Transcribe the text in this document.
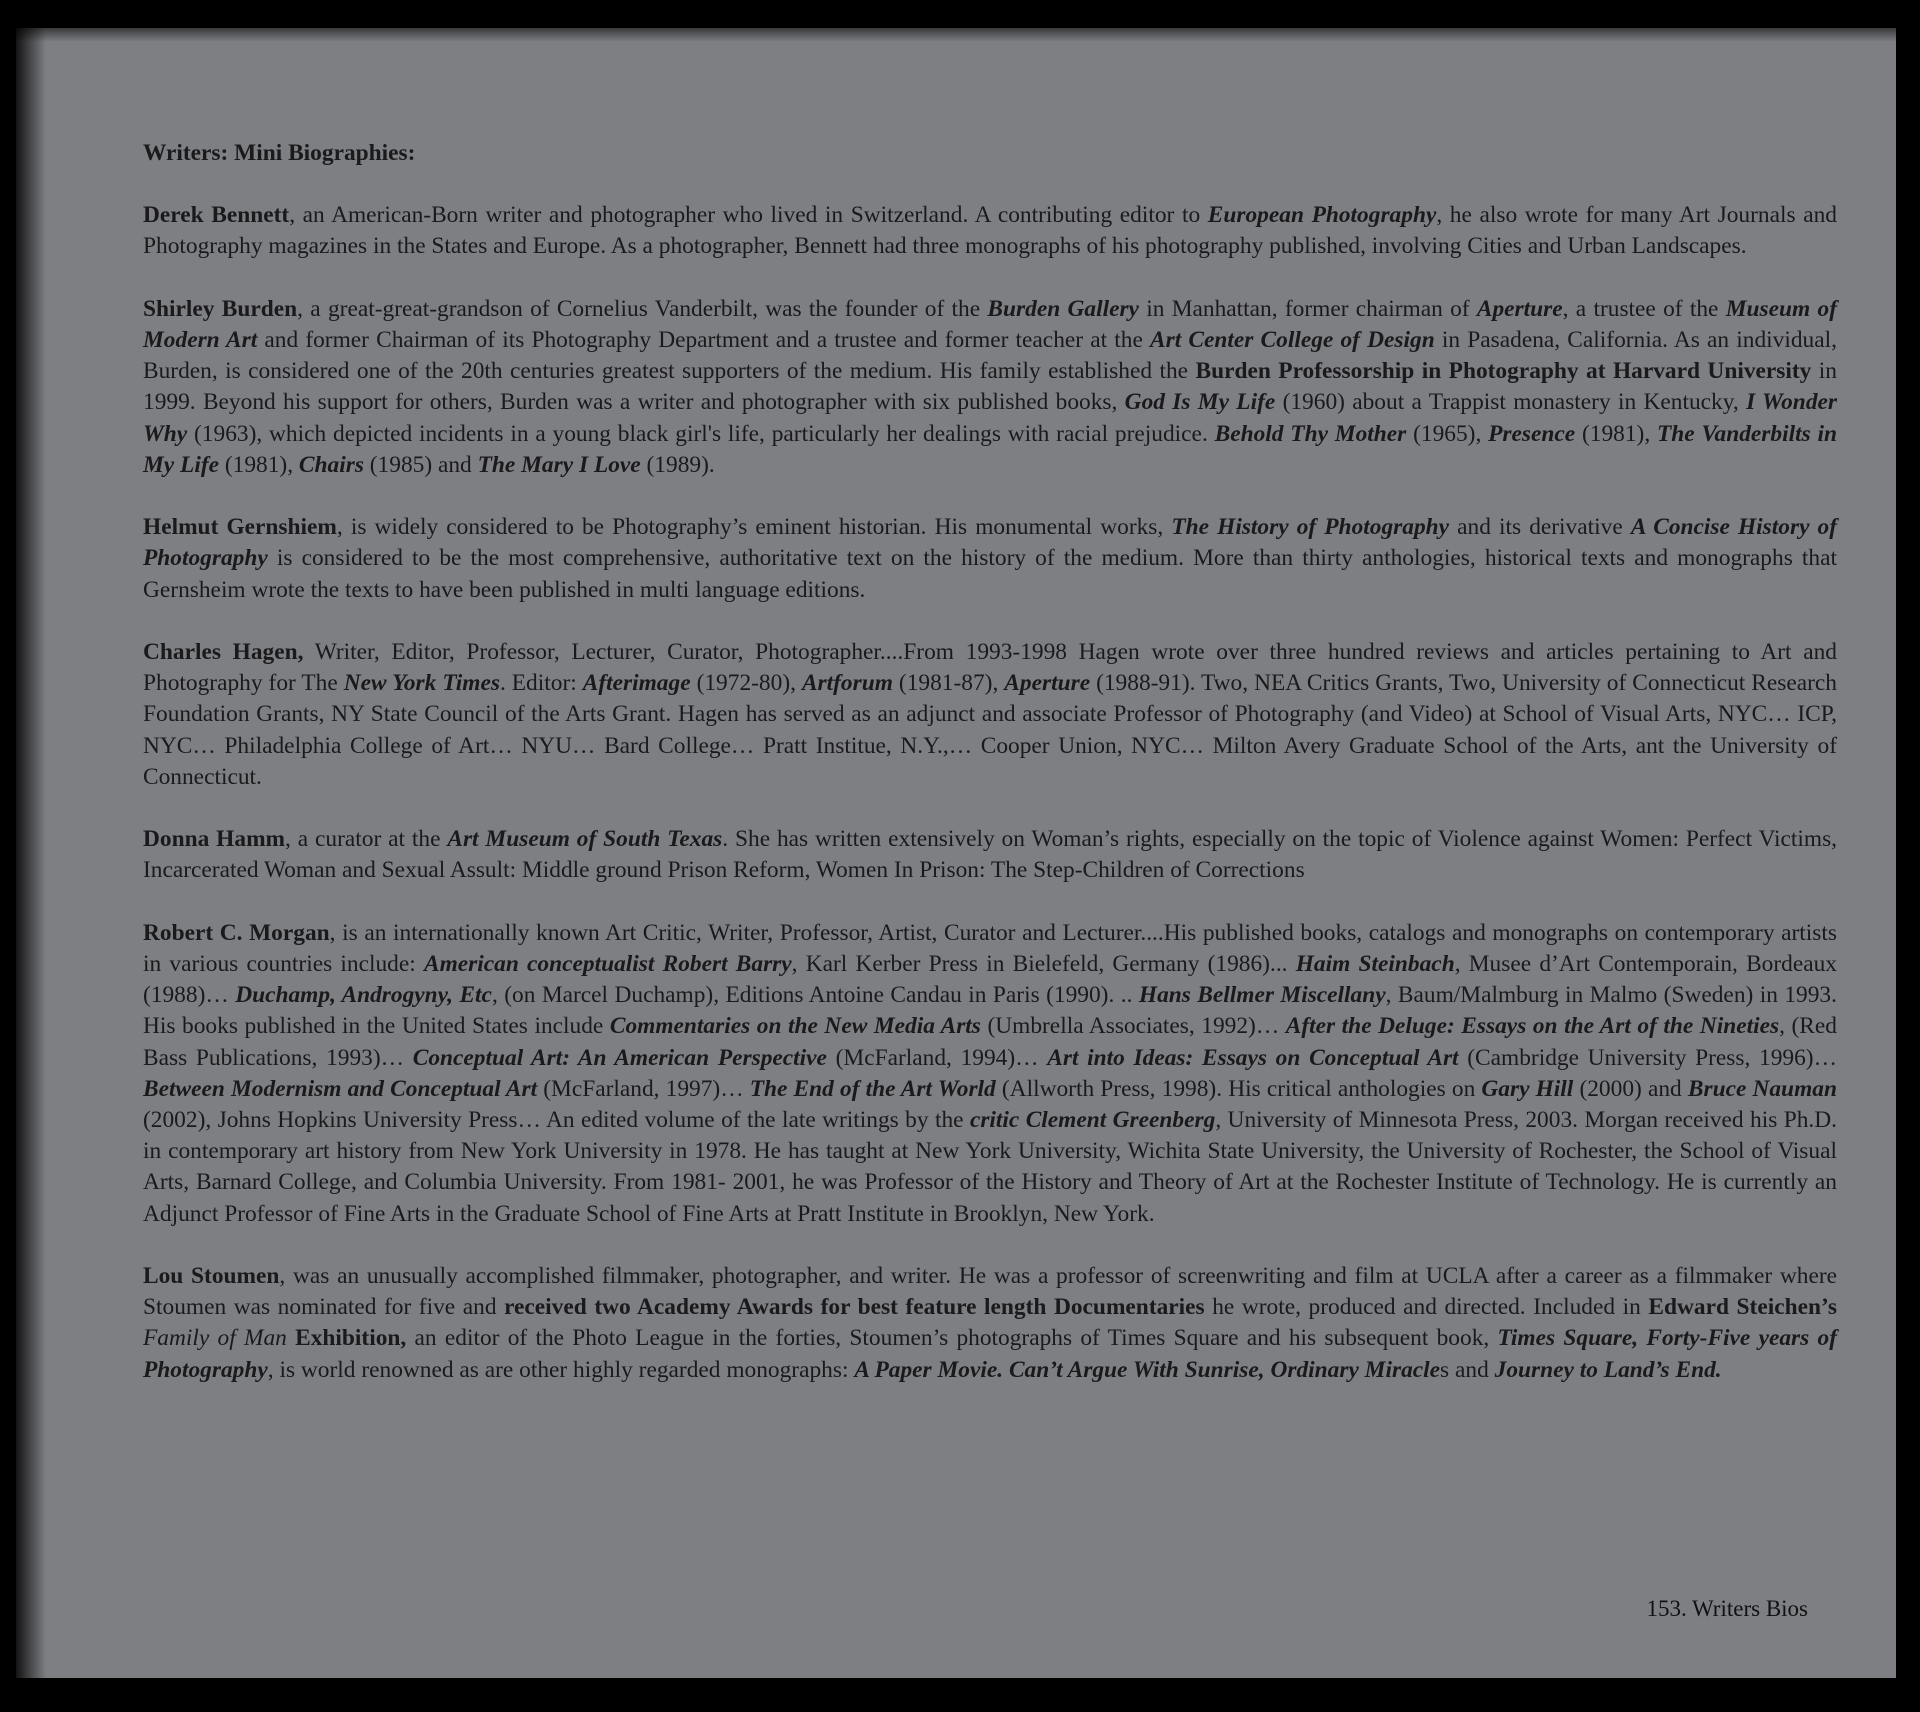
Writers: Mini Biographies:

Derek Bennett, an American-Born writer and photographer who lived in Switzerland. A contributing editor to European Photography, he also wrote for many Art Journals and Photography magazines in the States and Europe. As a photographer, Bennett had three monographs of his photography published, involving Cities and Urban Landscapes.

Shirley Burden, a great-great-grandson of Cornelius Vanderbilt, was the founder of the Burden Gallery in Manhattan, former chairman of Aperture, a trustee of the Museum of Modern Art and former Chairman of its Photography Department and a trustee and former teacher at the Art Center College of Design in Pasadena, California. As an individual, Burden, is considered one of the 20th centuries greatest supporters of the medium. His family established the Burden Professorship in Photography at Harvard University in 1999. Beyond his support for others, Burden was a writer and photographer with six published books, God Is My Life (1960) about a Trappist monastery in Kentucky, I Wonder Why (1963), which depicted incidents in a young black girl's life, particularly her dealings with racial prejudice. Behold Thy Mother (1965), Presence (1981), The Vanderbilts in My Life (1981), Chairs (1985) and The Mary I Love (1989).

Helmut Gernshiem, is widely considered to be Photography’s eminent historian. His monumental works, The History of Photography and its derivative A Concise History of Photography is considered to be the most comprehensive, authoritative text on the history of the medium. More than thirty anthologies, historical texts and monographs that Gernsheim wrote the texts to have been published in multi language editions.

Charles Hagen, Writer, Editor, Professor, Lecturer, Curator, Photographer....From 1993-1998 Hagen wrote over three hundred reviews and articles pertaining to Art and Photography for The New York Times. Editor: Afterimage (1972-80), Artforum (1981-87), Aperture (1988-91). Two, NEA Critics Grants, Two, University of Connecticut Research Foundation Grants, NY State Council of the Arts Grant. Hagen has served as an adjunct and associate Professor of Photography (and Video) at School of Visual Arts, NYC… ICP, NYC… Philadelphia College of Art… NYU… Bard College… Pratt Institue, N.Y.,… Cooper Union, NYC… Milton Avery Graduate School of the Arts, ant the University of Connecticut.

Donna Hamm, a curator at the Art Museum of South Texas. She has written extensively on Woman’s rights, especially on the topic of Violence against Women: Perfect Victims, Incarcerated Woman and Sexual Assult: Middle ground Prison Reform, Women In Prison: The Step-Children of Corrections

Robert C. Morgan, is an internationally known Art Critic, Writer, Professor, Artist, Curator and Lecturer....His published books, catalogs and monographs on contemporary artists in various countries include: American conceptualist Robert Barry, Karl Kerber Press in Bielefeld, Germany (1986)... Haim Steinbach, Musee d’Art Contemporain, Bordeaux (1988)… Duchamp, Androgyny, Etc, (on Marcel Duchamp), Editions Antoine Candau in Paris (1990). .. Hans Bellmer Miscellany, Baum/Malmburg in Malmo (Sweden) in 1993. His books published in the United States include Commentaries on the New Media Arts (Umbrella Associates, 1992)… After the Deluge: Essays on the Art of the Nineties, (Red Bass Publications, 1993)… Conceptual Art: An American Perspective (McFarland, 1994)… Art into Ideas: Essays on Conceptual Art (Cambridge University Press, 1996)… Between Modernism and Conceptual Art (McFarland, 1997)… The End of the Art World (Allworth Press, 1998). His critical anthologies on Gary Hill (2000) and Bruce Nauman (2002), Johns Hopkins University Press… An edited volume of the late writings by the critic Clement Greenberg, University of Minnesota Press, 2003. Morgan received his Ph.D. in contemporary art history from New York University in 1978. He has taught at New York University, Wichita State University, the University of Rochester, the School of Visual Arts, Barnard College, and Columbia University. From 1981- 2001, he was Professor of the History and Theory of Art at the Rochester Institute of Technology. He is currently an Adjunct Professor of Fine Arts in the Graduate School of Fine Arts at Pratt Institute in Brooklyn, New York.

Lou Stoumen, was an unusually accomplished filmmaker, photographer, and writer. He was a professor of screenwriting and film at UCLA after a career as a filmmaker where Stoumen was nominated for five and received two Academy Awards for best feature length Documentaries he wrote, produced and directed. Included in Edward Steichen’s Family of Man Exhibition, an editor of the Photo League in the forties, Stoumen’s photographs of Times Square and his subsequent book, Times Square, Forty-Five years of Photography, is world renowned as are other highly regarded monographs: A Paper Movie. Can’t Argue With Sunrise, Ordinary Miracles and Journey to Land’s End.

153. Writers Bios
